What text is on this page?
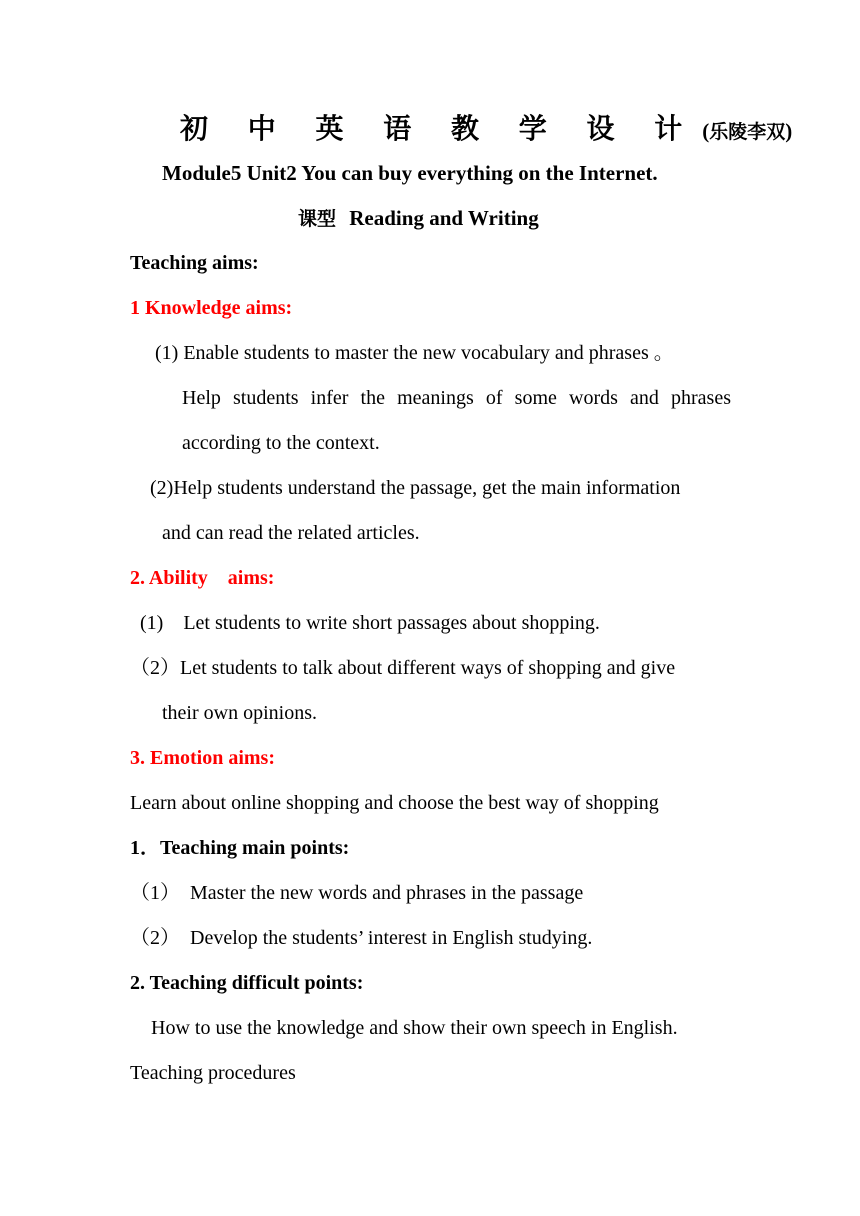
初 中 英 语 教 学 设 计 (乐陵李双)
Module5 Unit2 You can buy everything on the Internet.
课型 Reading and Writing
Teaching aims:
1 Knowledge aims:
(1) Enable students to master the new vocabulary and phrases 。
Help students infer the meanings of some words and phrases
according to the context.
(2)Help students understand the passage, get the main information
and can read the related articles.
2. Ability    aims:
(1)    Let students to write short passages about shopping.
（2）Let students to talk about different ways of shopping and give
their own opinions.
3. Emotion aims:
Learn about online shopping and choose the best way of shopping
1．Teaching main points:
（1）  Master the new words and phrases in the passage
（2）  Develop the students’ interest in English studying.
2. Teaching difficult points:
How to use the knowledge and show their own speech in English.
Teaching procedures
